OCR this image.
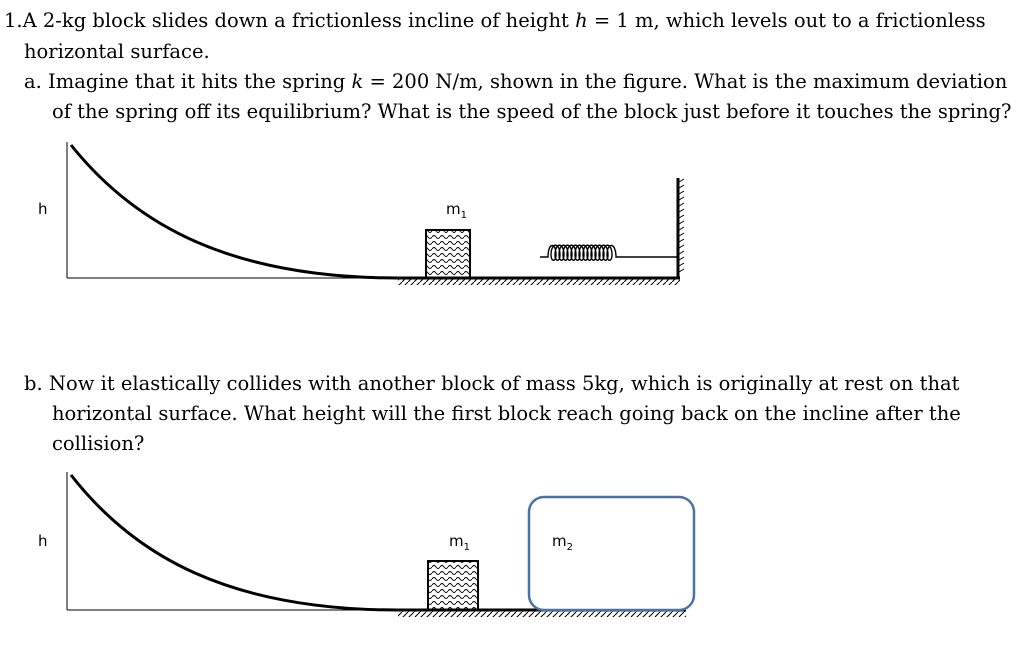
1.A 2-kg block slides down a frictionless incline of height h = 1 m, which levels out to a frictionless
horizontal surface.
a. Imagine that it hits the spring k = 200 N/m, shown in the figure. What is the maximum deviation
of the spring off its equilibrium? What is the speed of the block just before it touches the spring?
b. Now it elastically collides with another block of mass 5kg, which is originally at rest on that
horizontal surface. What height will the first block reach going back on the incline after the
collision?
h	$m_1$
h	$m_1$	$m_2$
